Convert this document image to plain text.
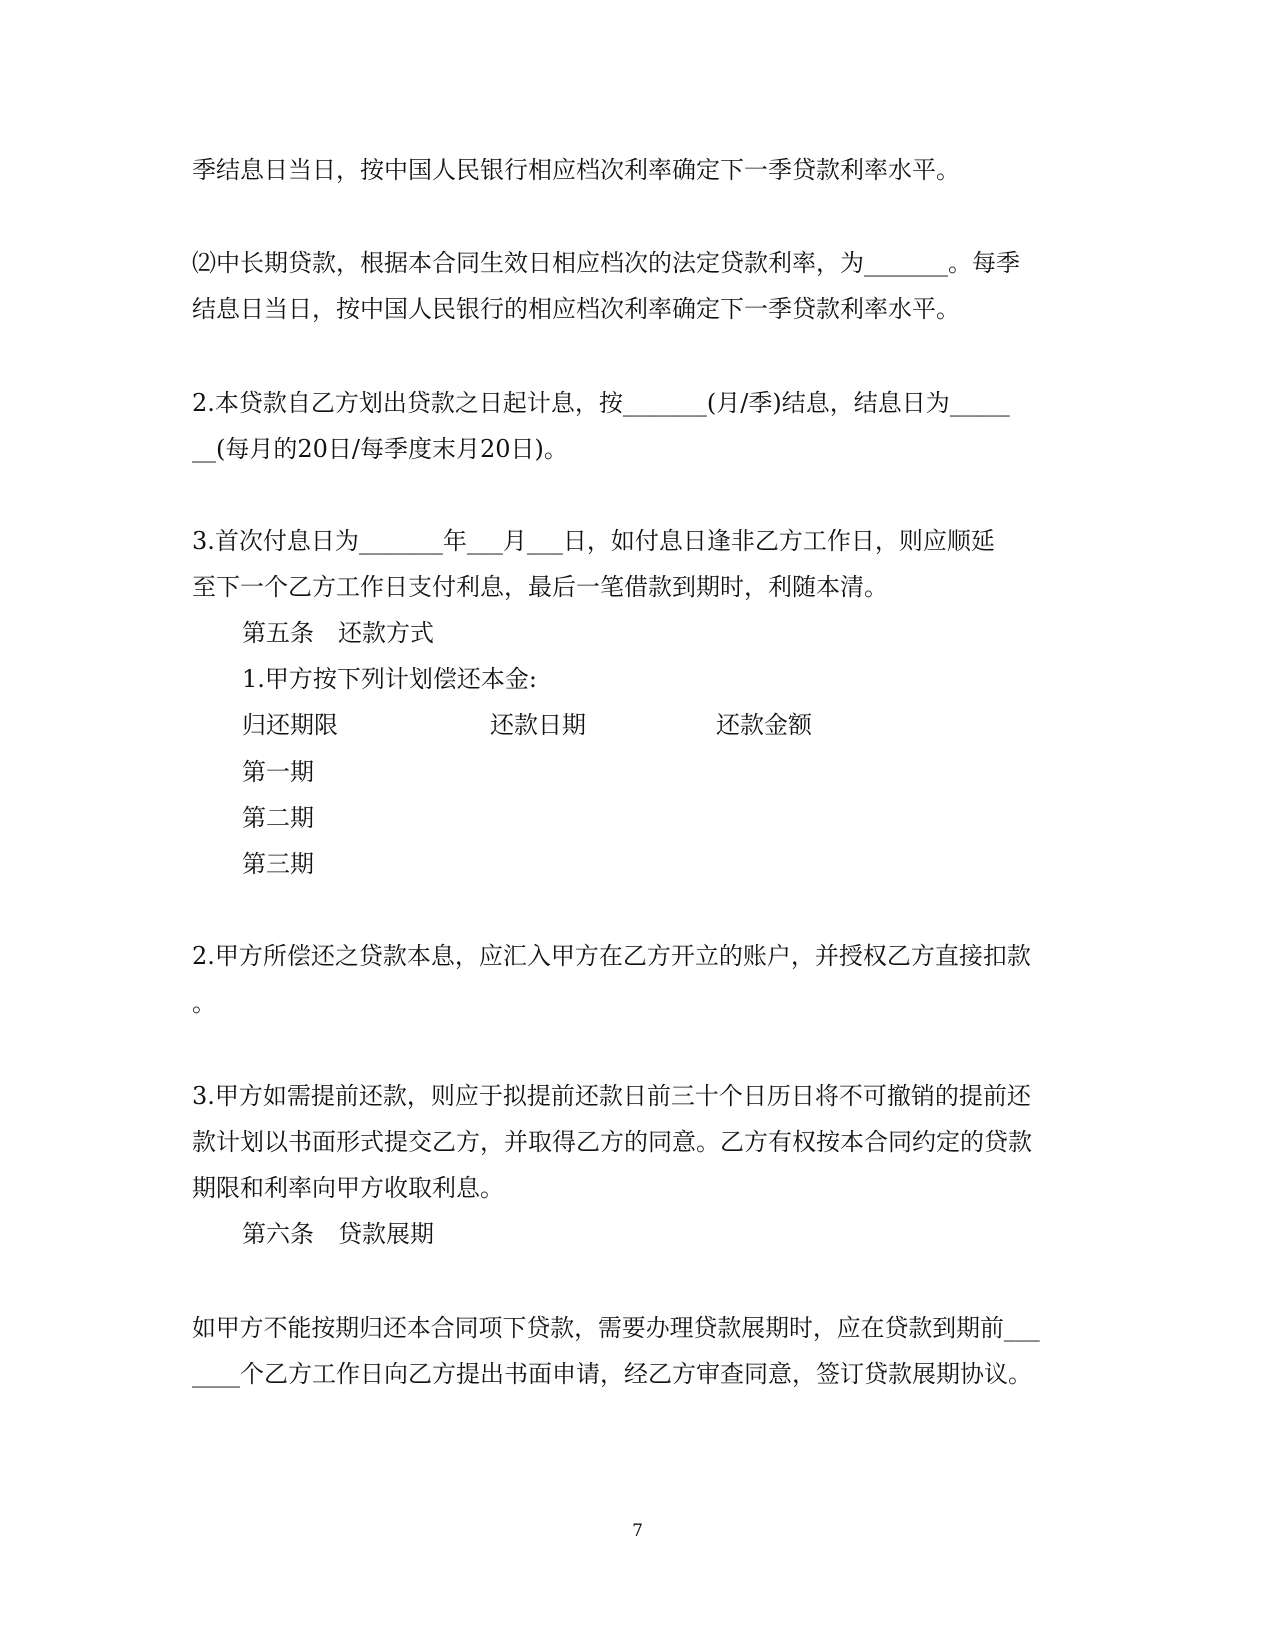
季结息日当日，按中国人民银行相应档次利率确定下一季贷款利率水平。
⑵中长期贷款，根据本合同生效日相应档次的法定贷款利率，为_______。每季
结息日当日，按中国人民银行的相应档次利率确定下一季贷款利率水平。
2.本贷款自乙方划出贷款之日起计息，按_______(月/季)结息，结息日为_____
__(每月的20日/每季度末月20日)。
3.首次付息日为_______年___月___日，如付息日逢非乙方工作日，则应顺延
至下一个乙方工作日支付利息，最后一笔借款到期时，利随本清。
第五条　还款方式
1.甲方按下列计划偿还本金:
归还期限	还款日期	还款金额
第一期
第二期
第三期
2.甲方所偿还之贷款本息，应汇入甲方在乙方开立的账户，并授权乙方直接扣款
。
3.甲方如需提前还款，则应于拟提前还款日前三十个日历日将不可撤销的提前还
款计划以书面形式提交乙方，并取得乙方的同意。乙方有权按本合同约定的贷款
期限和利率向甲方收取利息。
第六条　贷款展期
如甲方不能按期归还本合同项下贷款，需要办理贷款展期时，应在贷款到期前___
____个乙方工作日向乙方提出书面申请，经乙方审查同意，签订贷款展期协议。
7
